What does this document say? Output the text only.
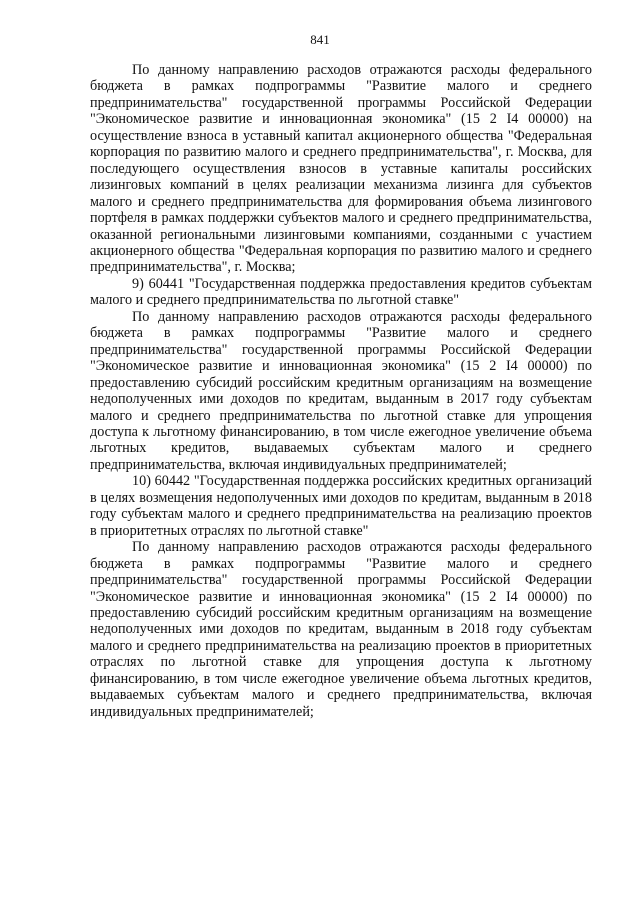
841

По данному направлению расходов отражаются расходы федерального бюджета в рамках подпрограммы "Развитие малого и среднего предпринимательства" государственной программы Российской Федерации "Экономическое развитие и инновационная экономика" (15 2 I4 00000) на осуществление взноса в уставный капитал акционерного общества "Федеральная корпорация по развитию малого и среднего предпринимательства", г. Москва, для последующего осуществления взносов в уставные капиталы российских лизинговых компаний в целях реализации механизма лизинга для субъектов малого и среднего предпринимательства для формирования объема лизингового портфеля в рамках поддержки субъектов малого и среднего предпринимательства, оказанной региональными лизинговыми компаниями, созданными с участием акционерного общества "Федеральная корпорация по развитию малого и среднего предпринимательства", г. Москва;

9) 60441 "Государственная поддержка предоставления кредитов субъектам малого и среднего предпринимательства по льготной ставке"

По данному направлению расходов отражаются расходы федерального бюджета в рамках подпрограммы "Развитие малого и среднего предпринимательства" государственной программы Российской Федерации "Экономическое развитие и инновационная экономика" (15 2 I4 00000) по предоставлению субсидий российским кредитным организациям на возмещение недополученных ими доходов по кредитам, выданным в 2017 году субъектам малого и среднего предпринимательства по льготной ставке для упрощения доступа к льготному финансированию, в том числе ежегодное увеличение объема льготных кредитов, выдаваемых субъектам малого и среднего предпринимательства, включая индивидуальных предпринимателей;

10) 60442 "Государственная поддержка российских кредитных организаций в целях возмещения недополученных ими доходов по кредитам, выданным в 2018 году субъектам малого и среднего предпринимательства на реализацию проектов в приоритетных отраслях по льготной ставке"

По данному направлению расходов отражаются расходы федерального бюджета в рамках подпрограммы "Развитие малого и среднего предпринимательства" государственной программы Российской Федерации "Экономическое развитие и инновационная экономика" (15 2 I4 00000) по предоставлению субсидий российским кредитным организациям на возмещение недополученных ими доходов по кредитам, выданным в 2018 году субъектам малого и среднего предпринимательства на реализацию проектов в приоритетных отраслях по льготной ставке для упрощения доступа к льготному финансированию, в том числе ежегодное увеличение объема льготных кредитов, выдаваемых субъектам малого и среднего предпринимательства, включая индивидуальных предпринимателей;
